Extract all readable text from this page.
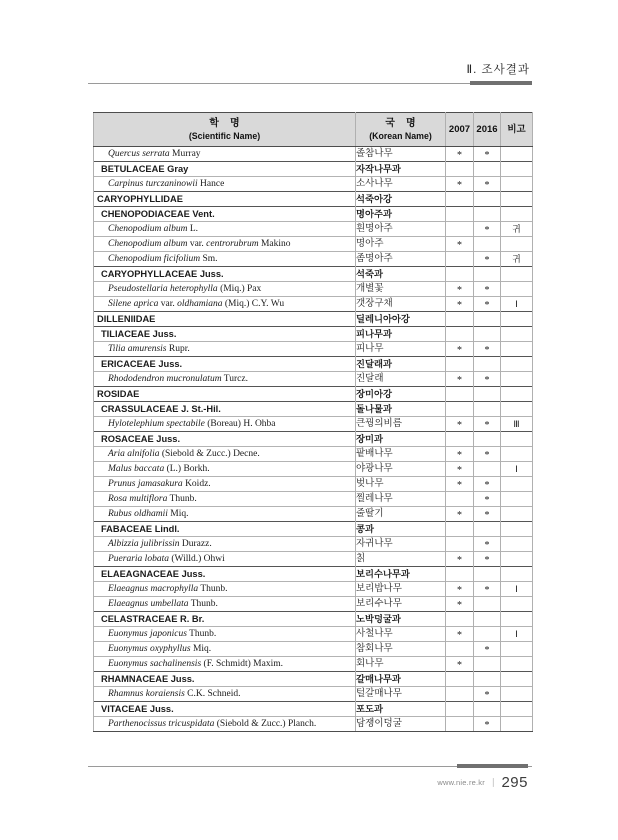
Ⅱ. 조사결과
학    명
(Scientific Name)

국    명
(Korean Name)
	2007	2016	비고
Quercus serrata Murray	졸참나무	*	*	
BETULACEAE Gray	자작나무과			
Carpinus turczaninowii Hance	소사나무	*	*	
CARYOPHYLLIDAE	석죽아강			
CHENOPODIACEAE Vent.	명아주과			
Chenopodium album L.	흰명아주		*	귀
Chenopodium album var. centrorubrum Makino	명아주	*		
Chenopodium ficifolium Sm.	좀명아주		*	귀
CARYOPHYLLACEAE Juss.	석죽과			
Pseudostellaria heterophylla (Miq.) Pax	개별꽃	*	*	
Silene aprica var. oldhamiana (Miq.) C.Y. Wu	갯장구채	*	*	Ⅰ
DILLENIIDAE	딜레니아아강			
TILIACEAE Juss.	피나무과			
Tilia amurensis Rupr.	피나무	*	*	
ERICACEAE Juss.	진달래과			
Rhododendron mucronulatum Turcz.	진달래	*	*	
ROSIDAE	장미아강			
CRASSULACEAE J. St.-Hil.	돌나물과			
Hylotelephium spectabile (Boreau) H. Ohba	큰꿩의비름	*	*	Ⅲ
ROSACEAE Juss.	장미과			
Aria alnifolia (Siebold & Zucc.) Decne.	팥배나무	*	*	
Malus baccata (L.) Borkh.	야광나무	*		Ⅰ
Prunus jamasakura Koidz.	벚나무	*	*	
Rosa multiflora Thunb.	찔레나무		*	
Rubus oldhamii Miq.	줄딸기	*	*	
FABACEAE Lindl.	콩과			
Albizzia julibrissin Durazz.	자귀나무		*	
Pueraria lobata (Willd.) Ohwi	칡	*	*	
ELAEAGNACEAE Juss.	보리수나무과			
Elaeagnus macrophylla Thunb.	보리밥나무	*	*	Ⅰ
Elaeagnus umbellata Thunb.	보리수나무	*		
CELASTRACEAE R. Br.	노박덩굴과			
Euonymus japonicus Thunb.	사철나무	*		Ⅰ
Euonymus oxyphyllus Miq.	참회나무		*	
Euonymus sachalinensis (F. Schmidt) Maxim.	회나무	*		
RHAMNACEAE Juss.	갈매나무과			
Rhamnus koraiensis C.K. Schneid.	털갈매나무		*	
VITACEAE Juss.	포도과			
Parthenocissus tricuspidata (Siebold & Zucc.) Planch.	담쟁이덩굴		*	
www.nie.re.kr ∣ 295
